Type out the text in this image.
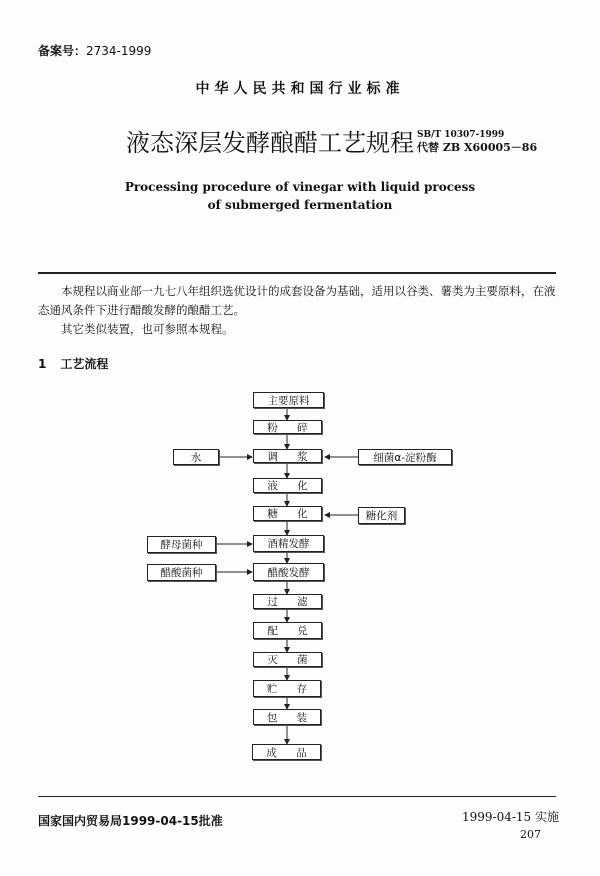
备案号：2734-1999
中华人民共和国行业标准
液态深层发酵酿醋工艺规程 SB/T 10307-1999
代替 ZB X60005－86
Processing procedure of vinegar with liquid process
of submerged fermentation

本规程以商业部一九七八年组织选优设计的成套设备为基础，适用以谷类、薯类为主要原料，在液态通风条件下进行醋酸发酵的酿醋工艺。

其它类似装置，也可参照本规程。

1 工艺流程
主要原料
粉 碎
调 浆
液 化
糖 化
酒精发酵
醋酸发酵
过 滤
配 兑
灭 菌
贮 存
包 装
成 品
水	细菌α-淀粉酶
糖化剂
酵母菌种
醋酸菌种
国家国内贸易局1999-04-15批准	1999-04-15 实施
207
